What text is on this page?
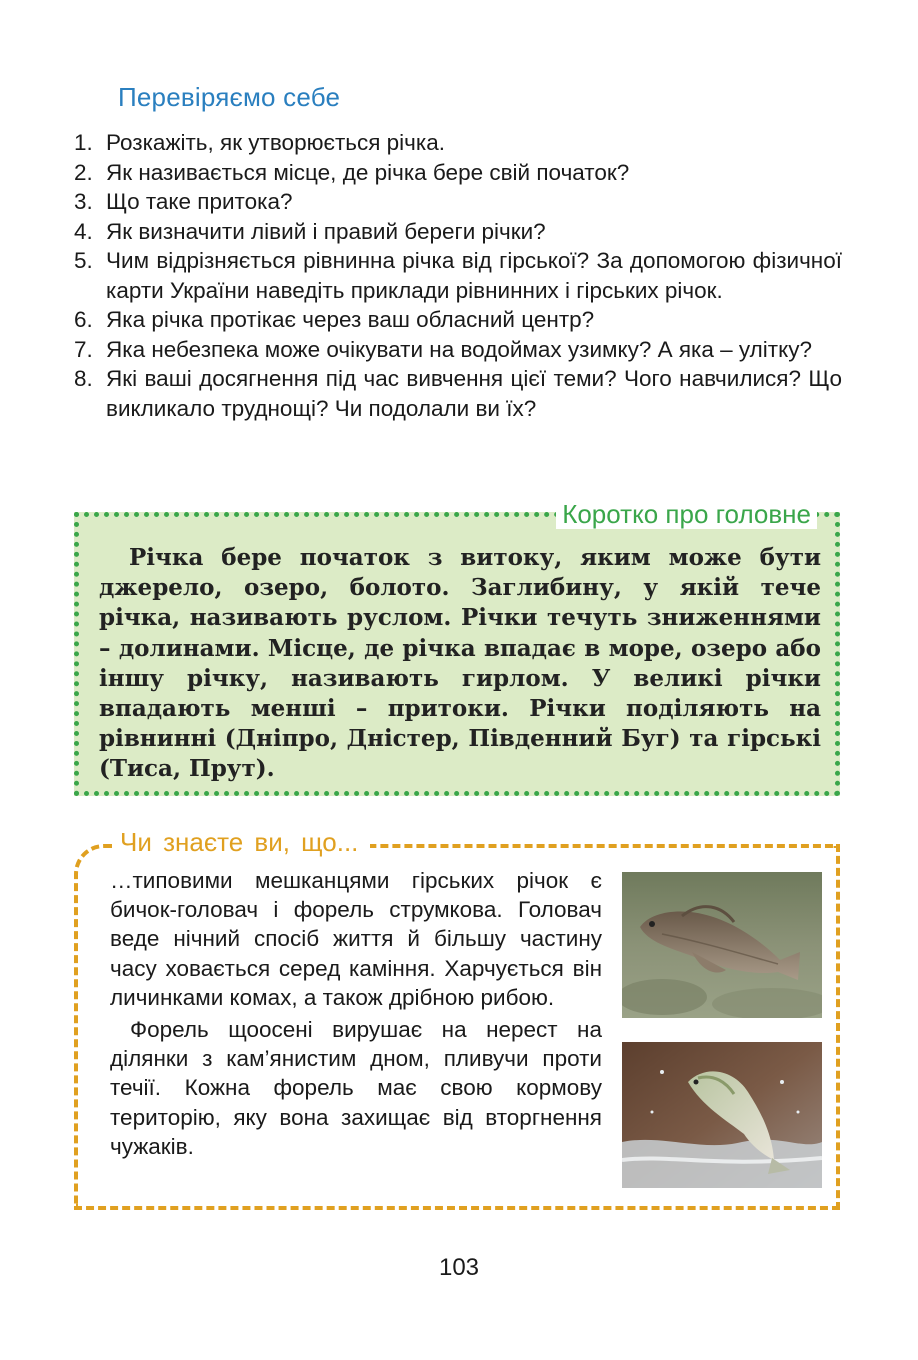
Перевіряємо себе
1. Розкажіть, як утворюється річка.
2. Як називається місце, де річка бере свій початок?
3. Що таке притока?
4. Як визначити лівий і правий береги річки?
5. Чим відрізняється рівнинна річка від гірської? За допомогою фізичної карти України наведіть приклади рівнинних і гірських річок.
6. Яка річка протікає через ваш обласний центр?
7. Яка небезпека може очікувати на водоймах узимку? А яка – улітку?
8. Які ваші досягнення під час вивчення цієї теми? Чого навчилися? Що викликало труднощі? Чи подолали ви їх?
Коротко про головне

Річка бере початок з витоку, яким може бути джерело, озеро, болото. Заглибину, у якій тече річка, називають руслом. Річки течуть зниженнями – долинами. Місце, де річка впадає в море, озеро або іншу річку, називають гирлом. У великі річки впадають менші – притоки. Річки поділяють на рівнинні (Дніпро, Дністер, Південний Буг) та гірські (Тиса, Прут).

Чи знаєте ви, що...

…типовими мешканцями гірських річок є бичок-головач і форель струмкова. Головач веде нічний спосіб життя й більшу частину часу ховається серед каміння. Харчується він личинками комах, а також дрібною рибою.

Форель щоосені вирушає на нерест на ділянки з кам’янистим дном, пливучи проти течії. Кожна форель має свою кормову територію, яку вона захищає від вторгнення чужаків.

103
